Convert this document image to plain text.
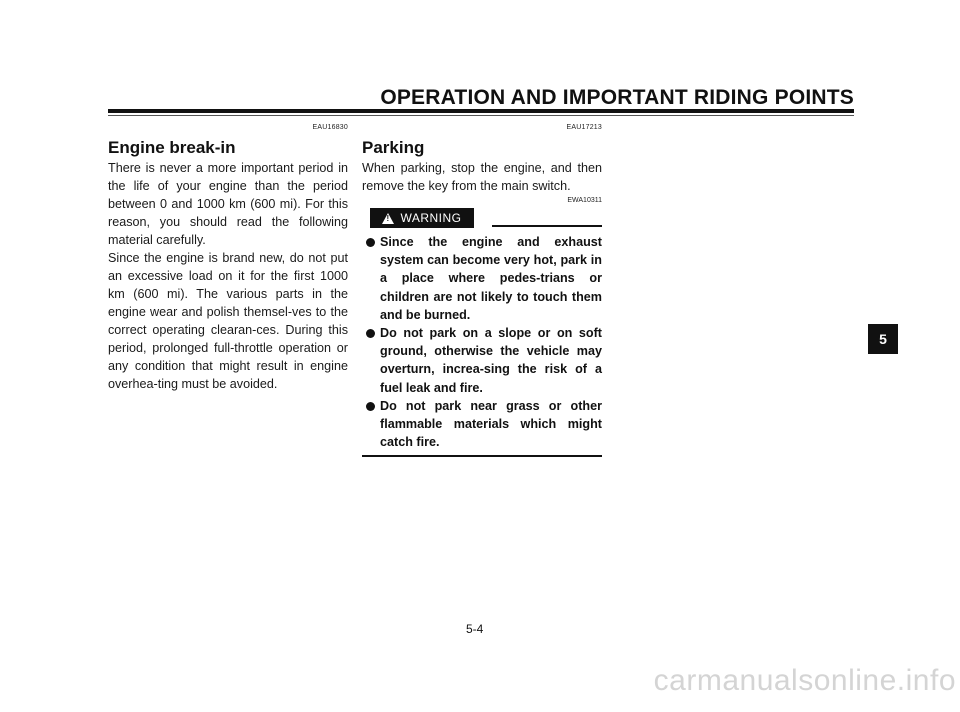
OPERATION AND IMPORTANT RIDING POINTS
EAU16830
Engine break-in

There is never a more important period in the life of your engine than the period between 0 and 1000 km (600 mi). For this reason, you should read the following material carefully.

Since the engine is brand new, do not put an excessive load on it for the first 1000 km (600 mi). The various parts in the engine wear and polish themsel-ves to the correct operating clearan-ces. During this period, prolonged full-throttle operation or any condition that might result in engine overhea-ting must be avoided.

EAU17213
Parking

When parking, stop the engine, and then remove the key from the main switch.

EWA10311
!
WARNING
Since the engine and exhaust system can become very hot, park in a place where pedes-trians or children are not likely to touch them and be burned.
Do not park on a slope or on soft ground, otherwise the vehicle may overturn, increa-sing the risk of a fuel leak and fire.
Do not park near grass or other flammable materials which might catch fire.
5
5-4
carmanualsonline.info
